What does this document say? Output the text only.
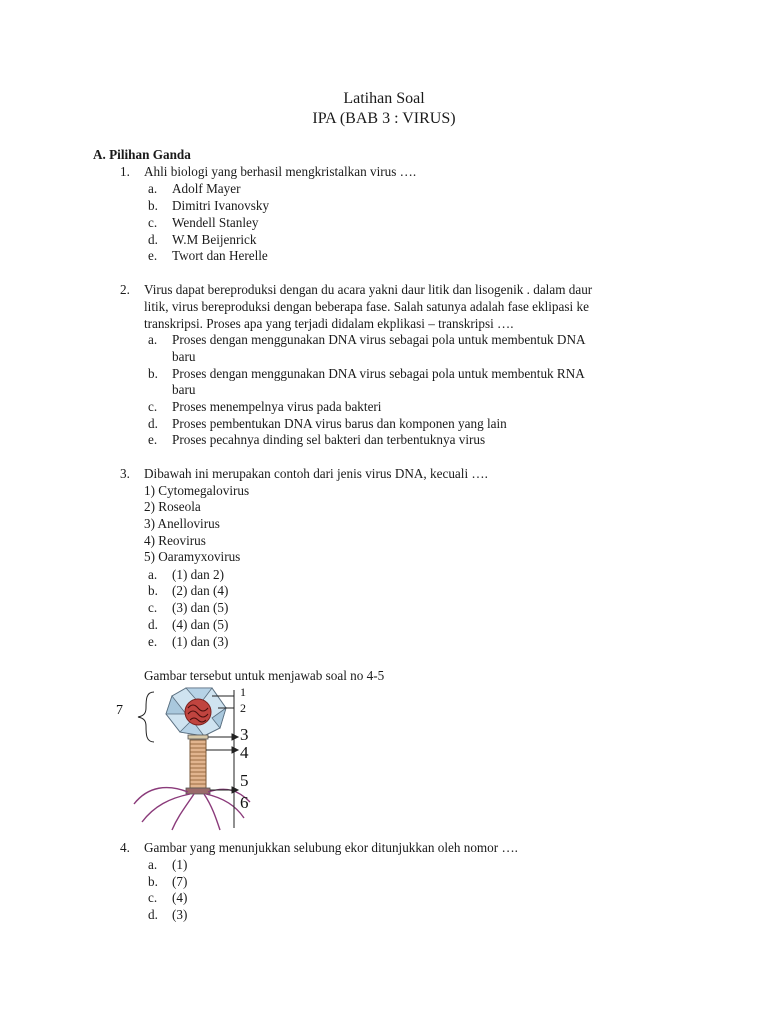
Latihan Soal
IPA (BAB 3 : VIRUS)
A. Pilihan Ganda
1. Ahli biologi yang berhasil mengkristalkan virus ….
a. Adolf Mayer
b. Dimitri Ivanovsky
c. Wendell Stanley
d. W.M Beijenrick
e. Twort dan Herelle
2. Virus dapat bereproduksi dengan du acara yakni daur litik dan lisogenik . dalam daur
litik, virus bereproduksi dengan beberapa fase. Salah satunya adalah fase eklipasi ke
transkripsi. Proses apa yang terjadi didalam ekplikasi – transkripsi ….
a. Proses dengan menggunakan DNA virus sebagai pola untuk membentuk DNA
baru
b. Proses dengan menggunakan DNA virus sebagai pola untuk membentuk RNA
baru
c. Proses menempelnya virus pada bakteri
d. Proses pembentukan DNA virus barus dan komponen yang lain
e. Proses pecahnya dinding sel bakteri dan terbentuknya virus
3. Dibawah ini merupakan contoh dari jenis virus DNA, kecuali ….
1) Cytomegalovirus
2) Roseola
3) Anellovirus
4) Reovirus
5) Oaramyxovirus
a. (1) dan 2)
b. (2) dan (4)
c. (3) dan (5)
d. (4) dan (5)
e. (1) dan (3)
Gambar tersebut untuk menjawab soal no 4-5
1
2
3
4
5
6
7
4. Gambar yang menunjukkan selubung ekor ditunjukkan oleh nomor ….
a. (1)
b. (7)
c. (4)
d. (3)
